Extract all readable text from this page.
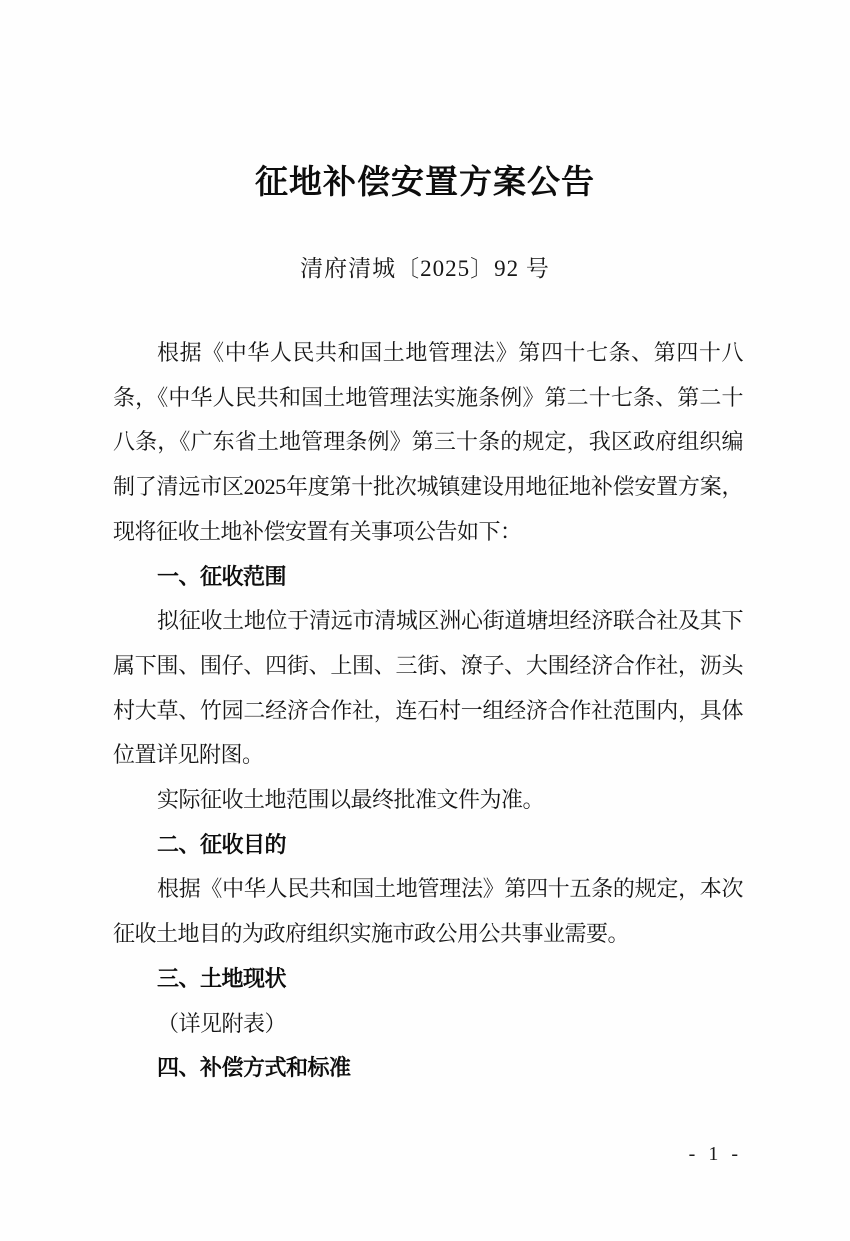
征地补偿安置方案公告
清府清城〔2025〕92 号

根据《中华人民共和国土地管理法》第四十七条、第四十八条，《中华人民共和国土地管理法实施条例》第二十七条、第二十八条，《广东省土地管理条例》第三十条的规定，我区政府组织编制了清远市区2025年度第十批次城镇建设用地征地补偿安置方案，现将征收土地补偿安置有关事项公告如下：

一、征收范围

拟征收土地位于清远市清城区洲心街道塘坦经济联合社及其下属下围、围仔、四街、上围、三街、潦子、大围经济合作社，沥头村大草、竹园二经济合作社，连石村一组经济合作社范围内，具体位置详见附图。

实际征收土地范围以最终批准文件为准。

二、征收目的

根据《中华人民共和国土地管理法》第四十五条的规定，本次征收土地目的为政府组织实施市政公用公共事业需要。

三、土地现状

（详见附表）

四、补偿方式和标准
- 1 -
